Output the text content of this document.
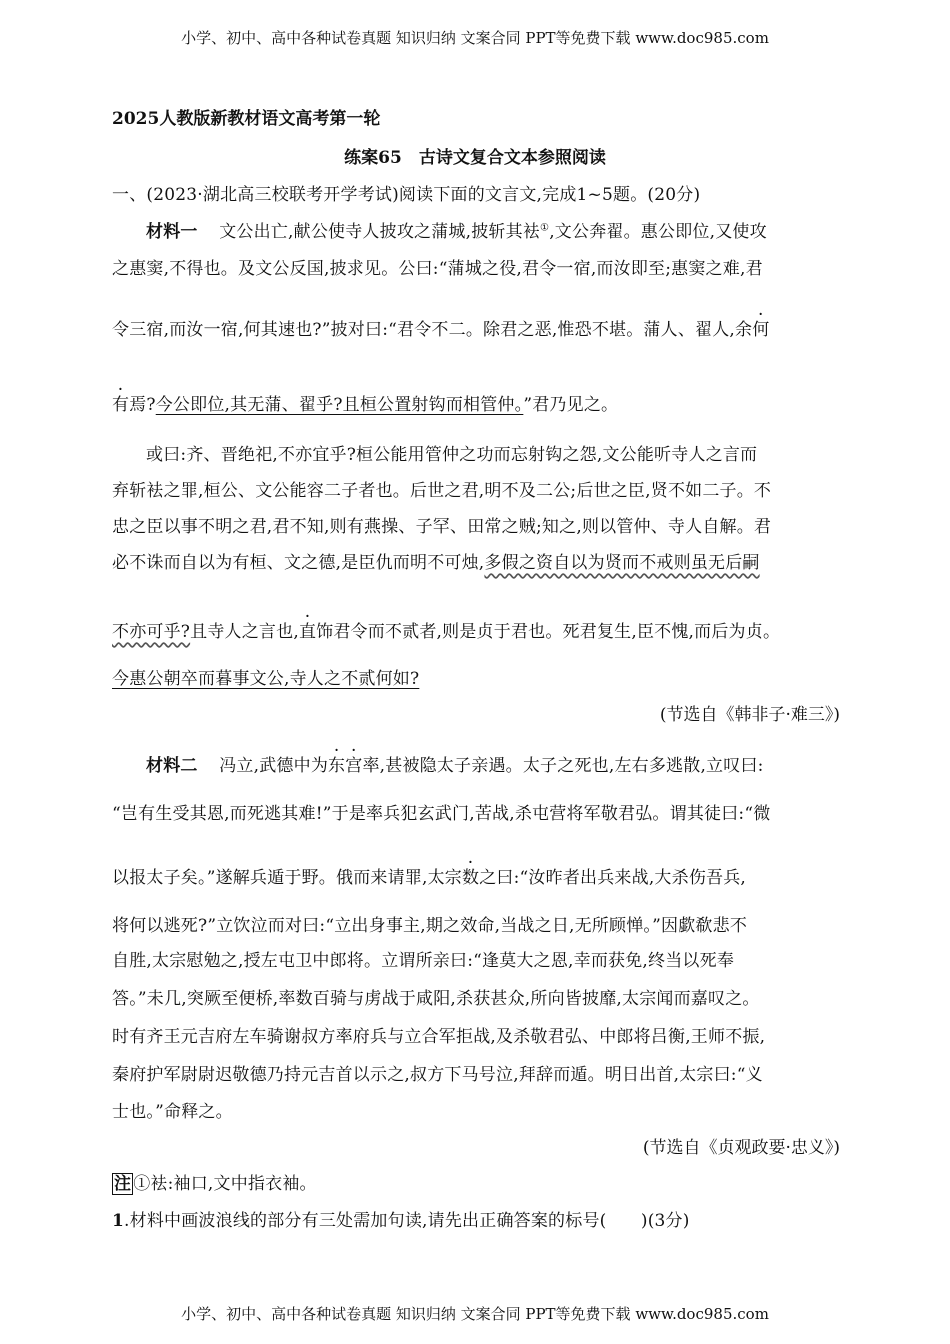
小学、初中、高中各种试卷真题 知识归纳 文案合同 PPT等免费下载 www.doc985.com
2025人教版新教材语文高考第一轮
练案65　古诗文复合文本参照阅读
一、(2023·湖北高三校联考开学考试)阅读下面的文言文,完成1~5题。(20分)
材料一 文公出亡,献公使寺人披攻之蒲城,披斩其袪①,文公奔翟。惠公即位,又使攻
之惠窦,不得也。及文公反国,披求见。公曰:“蒲城之役,君令一宿,而汝即至;惠窦之难,君
令三宿,而汝一宿,何其速也?”披对曰:“君令不二。除君之恶,惟恐不堪。蒲人、翟人,余何
有焉?今公即位,其无蒲、翟乎?且桓公置射钩而相管仲。”君乃见之。
或曰:齐、晋绝祀,不亦宜乎?桓公能用管仲之功而忘射钩之怨,文公能听寺人之言而
弃斩袪之罪,桓公、文公能容二子者也。后世之君,明不及二公;后世之臣,贤不如二子。不
忠之臣以事不明之君,君不知,则有燕操、子罕、田常之贼;知之,则以管仲、寺人自解。君
必不诛而自以为有桓、文之德,是臣仇而明不可烛,多假之资自以为贤而不戒则虽无后嗣
不亦可乎?且寺人之言也,直饰君令而不贰者,则是贞于君也。死君复生,臣不愧,而后为贞。
今惠公朝卒而暮事文公,寺人之不贰何如?
(节选自《韩非子·难三》)
材料二 冯立,武德中为东宫率,甚被隐太子亲遇。太子之死也,左右多逃散,立叹曰:
“岂有生受其恩,而死逃其难!”于是率兵犯玄武门,苦战,杀屯营将军敬君弘。谓其徒曰:“微
以报太子矣。”遂解兵遁于野。俄而来请罪,太宗数之曰:“汝昨者出兵来战,大杀伤吾兵,
将何以逃死?”立饮泣而对曰:“立出身事主,期之效命,当战之日,无所顾惮。”因歔欷悲不
自胜,太宗慰勉之,授左屯卫中郎将。立谓所亲曰:“逢莫大之恩,幸而获免,终当以死奉
答。”未几,突厥至便桥,率数百骑与虏战于咸阳,杀获甚众,所向皆披靡,太宗闻而嘉叹之。
时有齐王元吉府左车骑谢叔方率府兵与立合军拒战,及杀敬君弘、中郎将吕衡,王师不振,
秦府护军尉尉迟敬德乃持元吉首以示之,叔方下马号泣,拜辞而遁。明日出首,太宗曰:“义
士也。”命释之。
(节选自《贞观政要·忠义》)
注 ①袪:袖口,文中指衣袖。
1.材料中画波浪线的部分有三处需加句读,请先出正确答案的标号(　　)(3分)
小学、初中、高中各种试卷真题 知识归纳 文案合同 PPT等免费下载 www.doc985.com
